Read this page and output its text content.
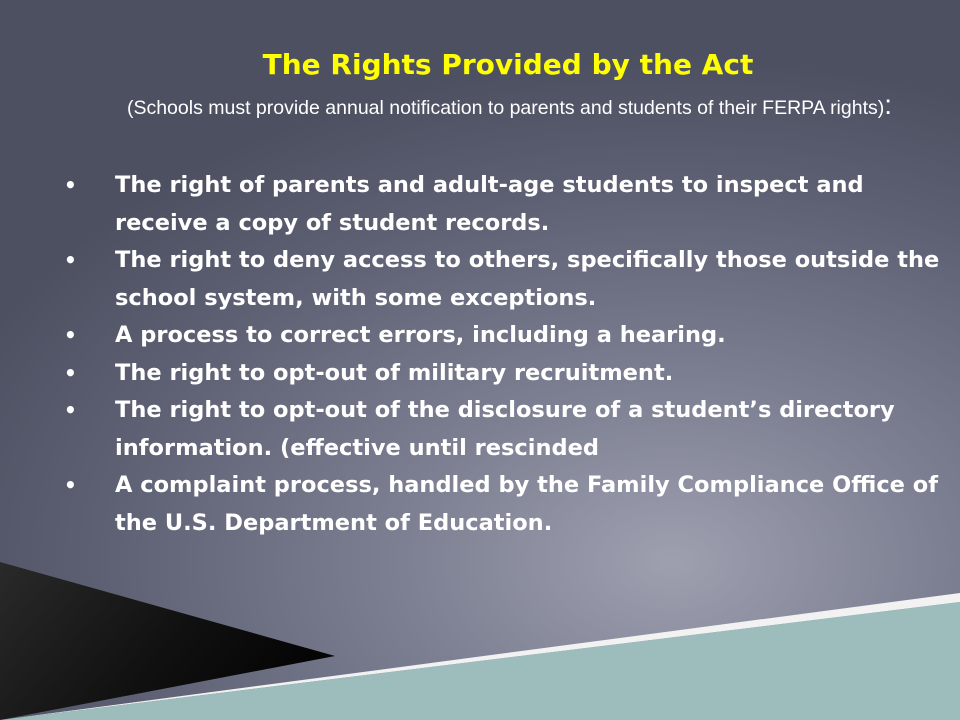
The Rights Provided by the Act
(Schools must provide annual notification to parents and students of their FERPA rights):
• The right of parents and adult-age students to inspect and receive a copy of student records.
• The right to deny access to others, specifically those outside the school system, with some exceptions.
• A process to correct errors, including a hearing.
• The right to opt-out of military recruitment.
• The right to opt-out of the disclosure of a student’s directory information. (effective until rescinded
• A complaint process, handled by the Family Compliance Office of the U.S. Department of Education.
